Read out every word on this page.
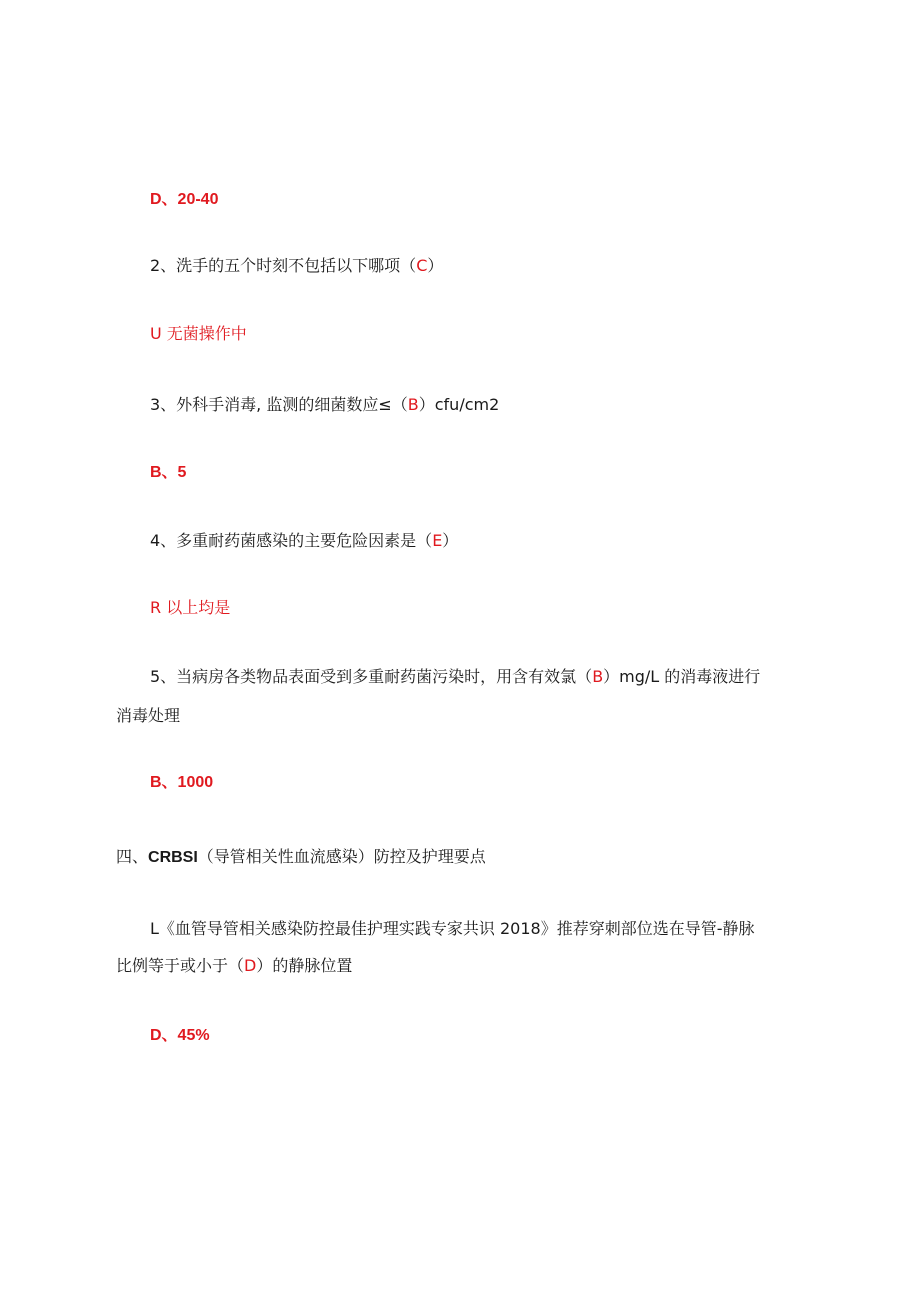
D、20-40
2、洗手的五个时刻不包括以下哪项（C）
U 无菌操作中
3、外科手消毒, 监测的细菌数应≤（B）cfu∕cm2
B、5
4、多重耐药菌感染的主要危险因素是（E）
R 以上均是
5、当病房各类物品表面受到多重耐药菌污染时，用含有效氯（B）mg/L 的消毒液进行
消毒处理
B、1000
四、CRBSI（导管相关性血流感染）防控及护理要点
L《血管导管相关感染防控最佳护理实践专家共识 2018》推荐穿刺部位选在导管-静脉
比例等于或小于（D）的静脉位置
D、45%
